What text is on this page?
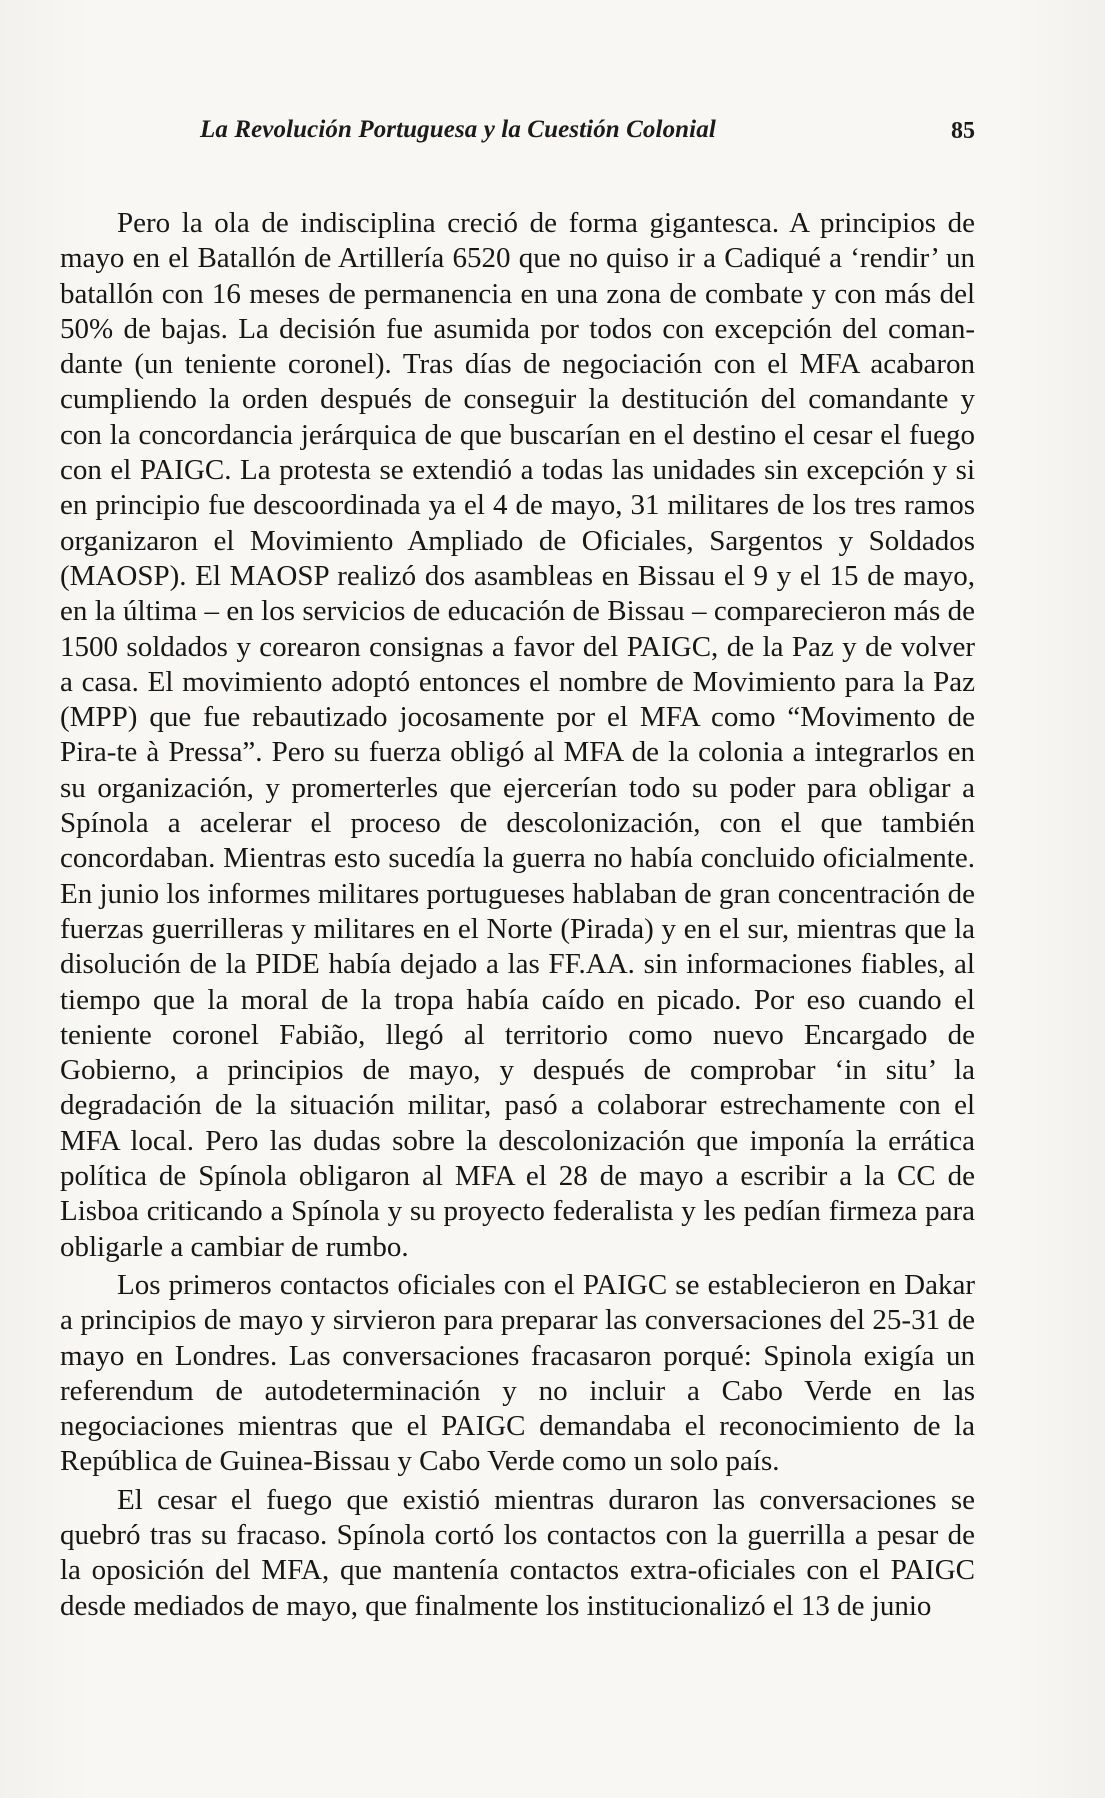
La Revolución Portuguesa y la Cuestión Colonial	85

Pero la ola de indisciplina creció de forma gigantesca. A principios de mayo en el Batallón de Artillería 6520 que no quiso ir a Cadiqué a ‘rendir’ un batallón con 16 meses de permanencia en una zona de combate y con más del 50% de bajas. La decisión fue asumida por todos con excepción del comandante (un teniente coronel). Tras días de negociación con el MFA acabaron cumpliendo la orden después de conseguir la destitución del comandante y con la concordancia jerárquica de que buscarían en el destino el cesar el fuego con el PAIGC. La protesta se extendió a todas las unidades sin excepción y si en principio fue descoordinada ya el 4 de mayo, 31 militares de los tres ramos organizaron el Movimiento Ampliado de Oficiales, Sargentos y Soldados (MAOSP). El MAOSP realizó dos asambleas en Bissau el 9 y el 15 de mayo, en la última – en los servicios de educación de Bissau – comparecieron más de 1500 soldados y corearon consignas a favor del PAIGC, de la Paz y de volver a casa. El movimiento adoptó entonces el nombre de Movimiento para la Paz (MPP) que fue rebautizado jocosamente por el MFA como “Movimento de Pira-te à Pressa”. Pero su fuerza obligó al MFA de la colonia a integrarlos en su organización, y promerterles que ejercerían todo su poder para obligar a Spínola a acelerar el proceso de descolonización, con el que también concordaban. Mientras esto sucedía la guerra no había concluido oficialmente. En junio los informes militares portugueses hablaban de gran concentración de fuerzas guerrilleras y militares en el Norte (Pirada) y en el sur, mientras que la disolución de la PIDE había dejado a las FF.AA. sin informaciones fiables, al tiempo que la moral de la tropa había caído en picado. Por eso cuando el teniente coronel Fabião, llegó al territorio como nuevo Encargado de Gobierno, a principios de mayo, y después de comprobar ‘in situ’ la degradación de la situación militar, pasó a colaborar estrechamente con el MFA local. Pero las dudas sobre la descolonización que imponía la errática política de Spínola obligaron al MFA el 28 de mayo a escribir a la CC de Lisboa criticando a Spínola y su proyecto federalista y les pedían firmeza para obligarle a cambiar de rumbo.

Los primeros contactos oficiales con el PAIGC se establecieron en Dakar a principios de mayo y sirvieron para preparar las conversaciones del 25-31 de mayo en Londres. Las conversaciones fracasaron porqué: Spinola exigía un referendum de autodeterminación y no incluir a Cabo Verde en las negociaciones mientras que el PAIGC demandaba el reconocimiento de la República de Guinea-Bissau y Cabo Verde como un solo país.

El cesar el fuego que existió mientras duraron las conversaciones se quebró tras su fracaso. Spínola cortó los contactos con la guerrilla a pesar de la oposición del MFA, que mantenía contactos extra-oficiales con el PAIGC desde mediados de mayo, que finalmente los institucionalizó el 13 de junio
